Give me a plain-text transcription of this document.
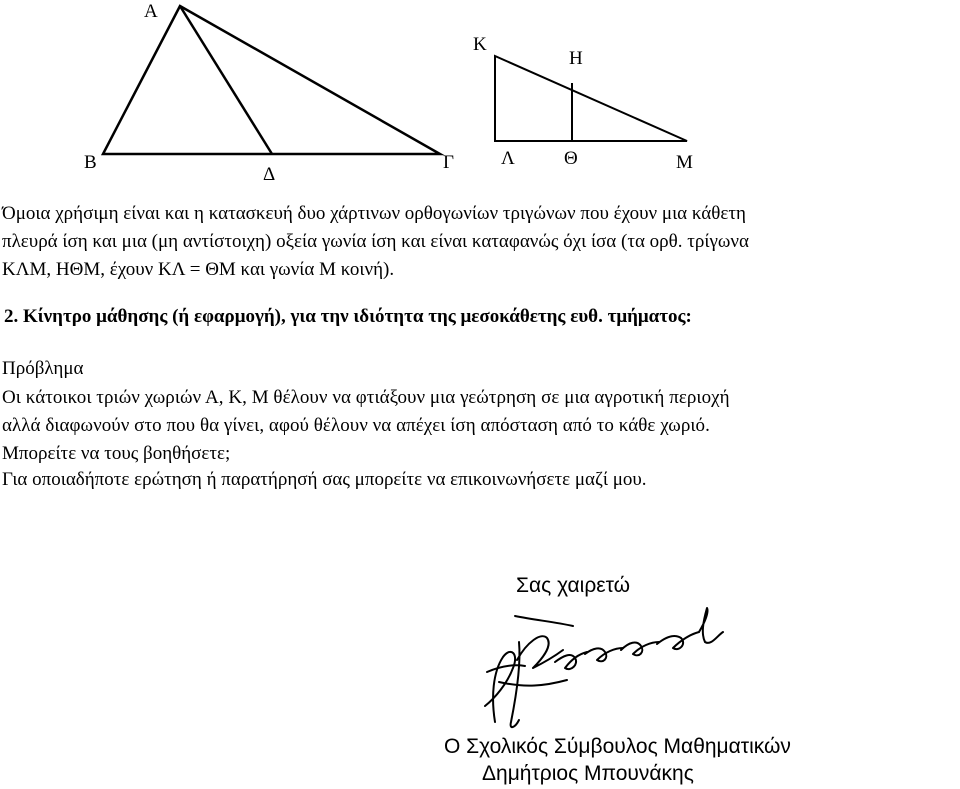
Α
Β
Δ
Γ
Κ
Η
Λ	Θ	Μ

Όμοια χρήσιμη είναι και η κατασκευή δυο χάρτινων ορθογωνίων τριγώνων που έχουν μια κάθετη
πλευρά ίση και μια (μη αντίστοιχη) οξεία γωνία ίση και είναι καταφανώς όχι ίσα (τα ορθ. τρίγωνα
ΚΛΜ, ΗΘΜ, έχουν ΚΛ = ΘΜ και γωνία Μ κοινή).

2. Κίνητρο μάθησης (ή εφαρμογή), για την ιδιότητα της μεσοκάθετης ευθ. τμήματος:

Πρόβλημα

Οι κάτοικοι τριών χωριών Α, Κ, Μ θέλουν να φτιάξουν μια γεώτρηση σε μια αγροτική περιοχή
αλλά διαφωνούν στο που θα γίνει, αφού θέλουν να απέχει ίση απόσταση από το κάθε χωριό.

Μπορείτε να τους βοηθήσετε;

Για οποιαδήποτε ερώτηση ή παρατήρησή σας μπορείτε να επικοινωνήσετε μαζί μου.

Σας χαιρετώ
Ο Σχολικός Σύμβουλος Μαθηματικών
Δημήτριος Μπουνάκης
